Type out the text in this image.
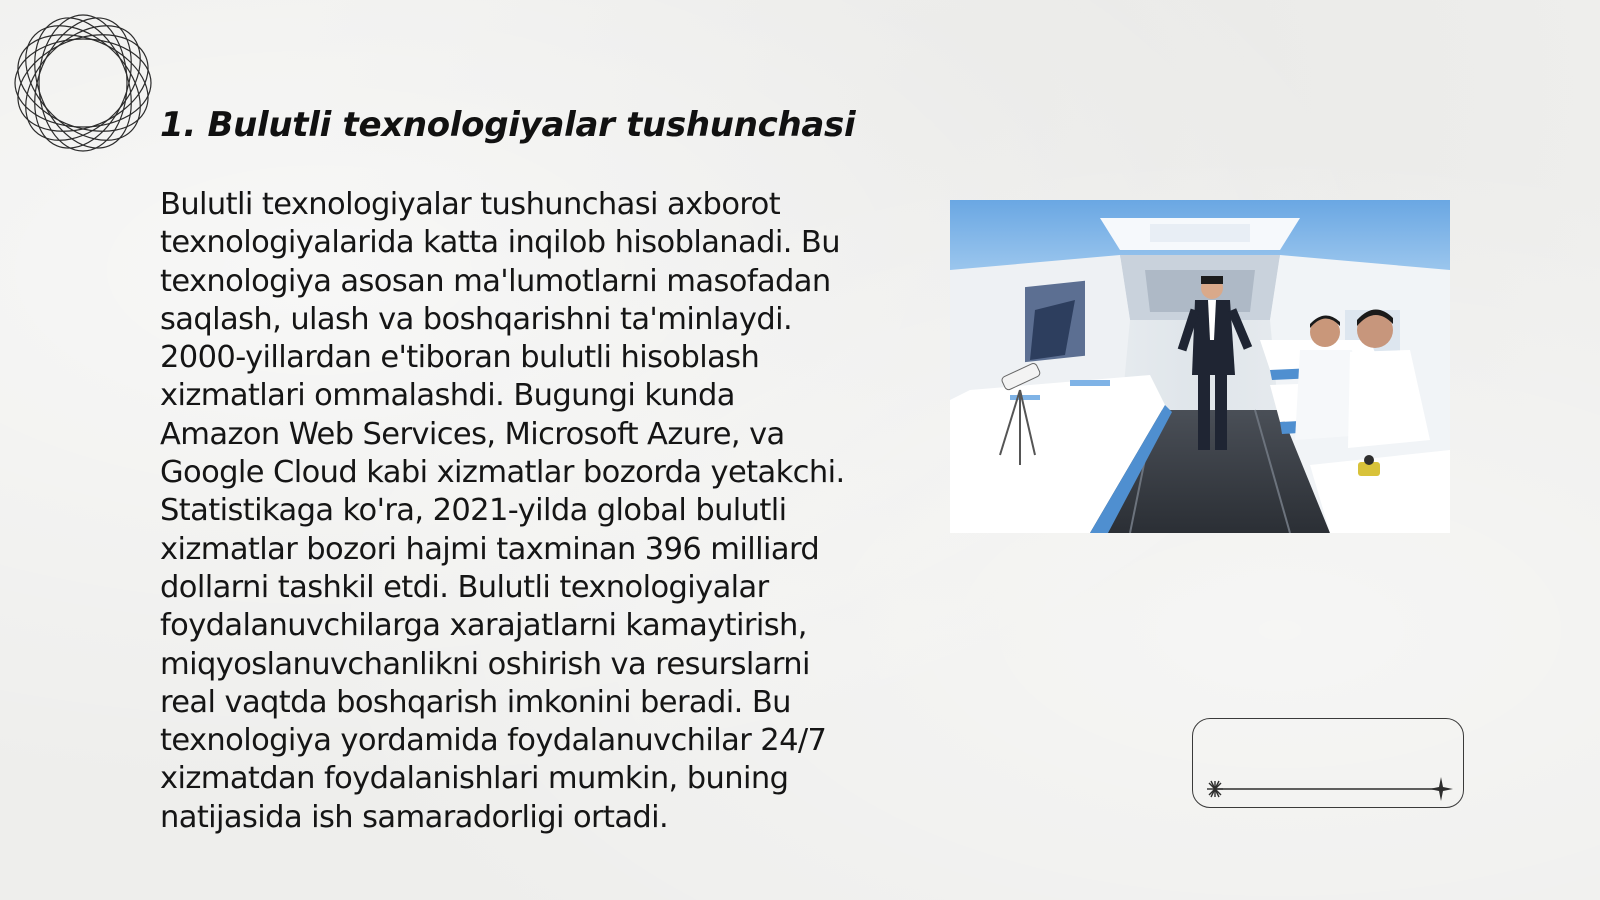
1. Bulutli texnologiyalar tushunchasi

Bulutli texnologiyalar tushunchasi axborot texnologiyalarida katta inqilob hisoblanadi. Bu texnologiya asosan ma'lumotlarni masofadan saqlash, ulash va boshqarishni ta'minlaydi. 2000-yillardan e'tiboran bulutli hisoblash xizmatlari ommalashdi. Bugungi kunda Amazon Web Services, Microsoft Azure, va Google Cloud kabi xizmatlar bozorda yetakchi. Statistikaga ko'ra, 2021-yilda global bulutli xizmatlar bozori hajmi taxminan 396 milliard dollarni tashkil etdi. Bulutli texnologiyalar foydalanuvchilarga xarajatlarni kamaytirish, miqyoslanuvchanlikni oshirish va resurslarni real vaqtda boshqarish imkonini beradi. Bu texnologiya yordamida foydalanuvchilar 24/7 xizmatdan foydalanishlari mumkin, buning natijasida ish samaradorligi ortadi.
